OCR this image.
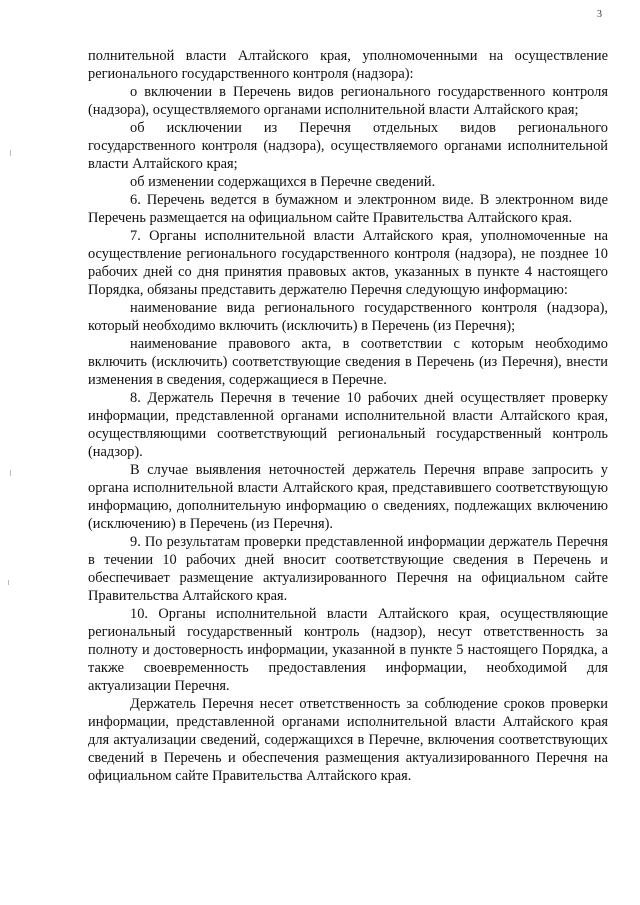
3

полнительной власти Алтайского края, уполномоченными на осуществление регионального государственного контроля (надзора):

о включении в Перечень видов регионального государственного контроля (надзора), осуществляемого органами исполнительной власти Алтайского края;

об исключении из Перечня отдельных видов регионального государственного контроля (надзора), осуществляемого органами исполнительной власти Алтайского края;

об изменении содержащихся в Перечне сведений.

6. Перечень ведется в бумажном и электронном виде. В электронном виде Перечень размещается на официальном сайте Правительства Алтайского края.

7. Органы исполнительной власти Алтайского края, уполномоченные на осуществление регионального государственного контроля (надзора), не позднее 10 рабочих дней со дня принятия правовых актов, указанных в пункте 4 настоящего Порядка, обязаны представить держателю Перечня следующую информацию:

наименование вида регионального государственного контроля (надзора), который необходимо включить (исключить) в Перечень (из Перечня);

наименование правового акта, в соответствии с которым необходимо включить (исключить) соответствующие сведения в Перечень (из Перечня), внести изменения в сведения, содержащиеся в Перечне.

8. Держатель Перечня в течение 10 рабочих дней осуществляет проверку информации, представленной органами исполнительной власти Алтайского края, осуществляющими соответствующий региональный государственный контроль (надзор).

В случае выявления неточностей держатель Перечня вправе запросить у органа исполнительной власти Алтайского края, представившего соответствующую информацию, дополнительную информацию о сведениях, подлежащих включению (исключению) в Перечень (из Перечня).

9. По результатам проверки представленной информации держатель Перечня в течении 10 рабочих дней вносит соответствующие сведения в Перечень и обеспечивает размещение актуализированного Перечня на официальном сайте Правительства Алтайского края.

10. Органы исполнительной власти Алтайского края, осуществляющие региональный государственный контроль (надзор), несут ответственность за полноту и достоверность информации, указанной в пункте 5 настоящего Порядка, а также своевременность предоставления информации, необходимой для актуализации Перечня.

Держатель Перечня несет ответственность за соблюдение сроков проверки информации, представленной органами исполнительной власти Алтайского края для актуализации сведений, содержащихся в Перечне, включения соответствующих сведений в Перечень и обеспечения размещения актуализированного Перечня на официальном сайте Правительства Алтайского края.
